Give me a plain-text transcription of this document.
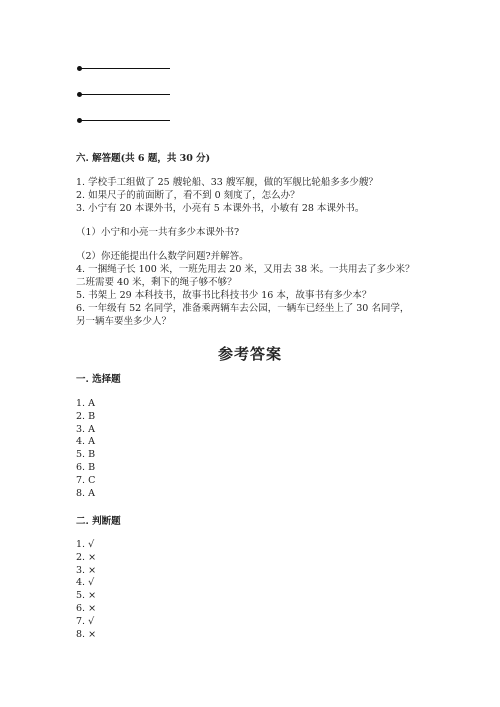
六. 解答题(共 6 题，共 30 分)
1. 学校手工组做了 25 艘轮船、33 艘军舰，做的军舰比轮船多多少艘？
2. 如果尺子的前面断了，看不到 0 刻度了，怎么办？
3. 小宁有 20 本课外书，小亮有 5 本课外书，小敏有 28 本课外书。
（1）小宁和小亮一共有多少本课外书?
（2）你还能提出什么数学问题?并解答。
4. 一捆绳子长 100 米，一班先用去 20 米，又用去 38 米。一共用去了多少米？
二班需要 40 米，剩下的绳子够不够？
5. 书架上 29 本科技书，故事书比科技书少 16 本，故事书有多少本？
6. 一年级有 52 名同学，准备乘两辆车去公园，一辆车已经坐上了 30 名同学，
另一辆车要坐多少人？
参考答案
一. 选择题
1. A
2. B
3. A
4. A
5. B
6. B
7. C
8. A
二. 判断题
1. √
2. ×
3. ×
4. √
5. ×
6. ×
7. √
8. ×
